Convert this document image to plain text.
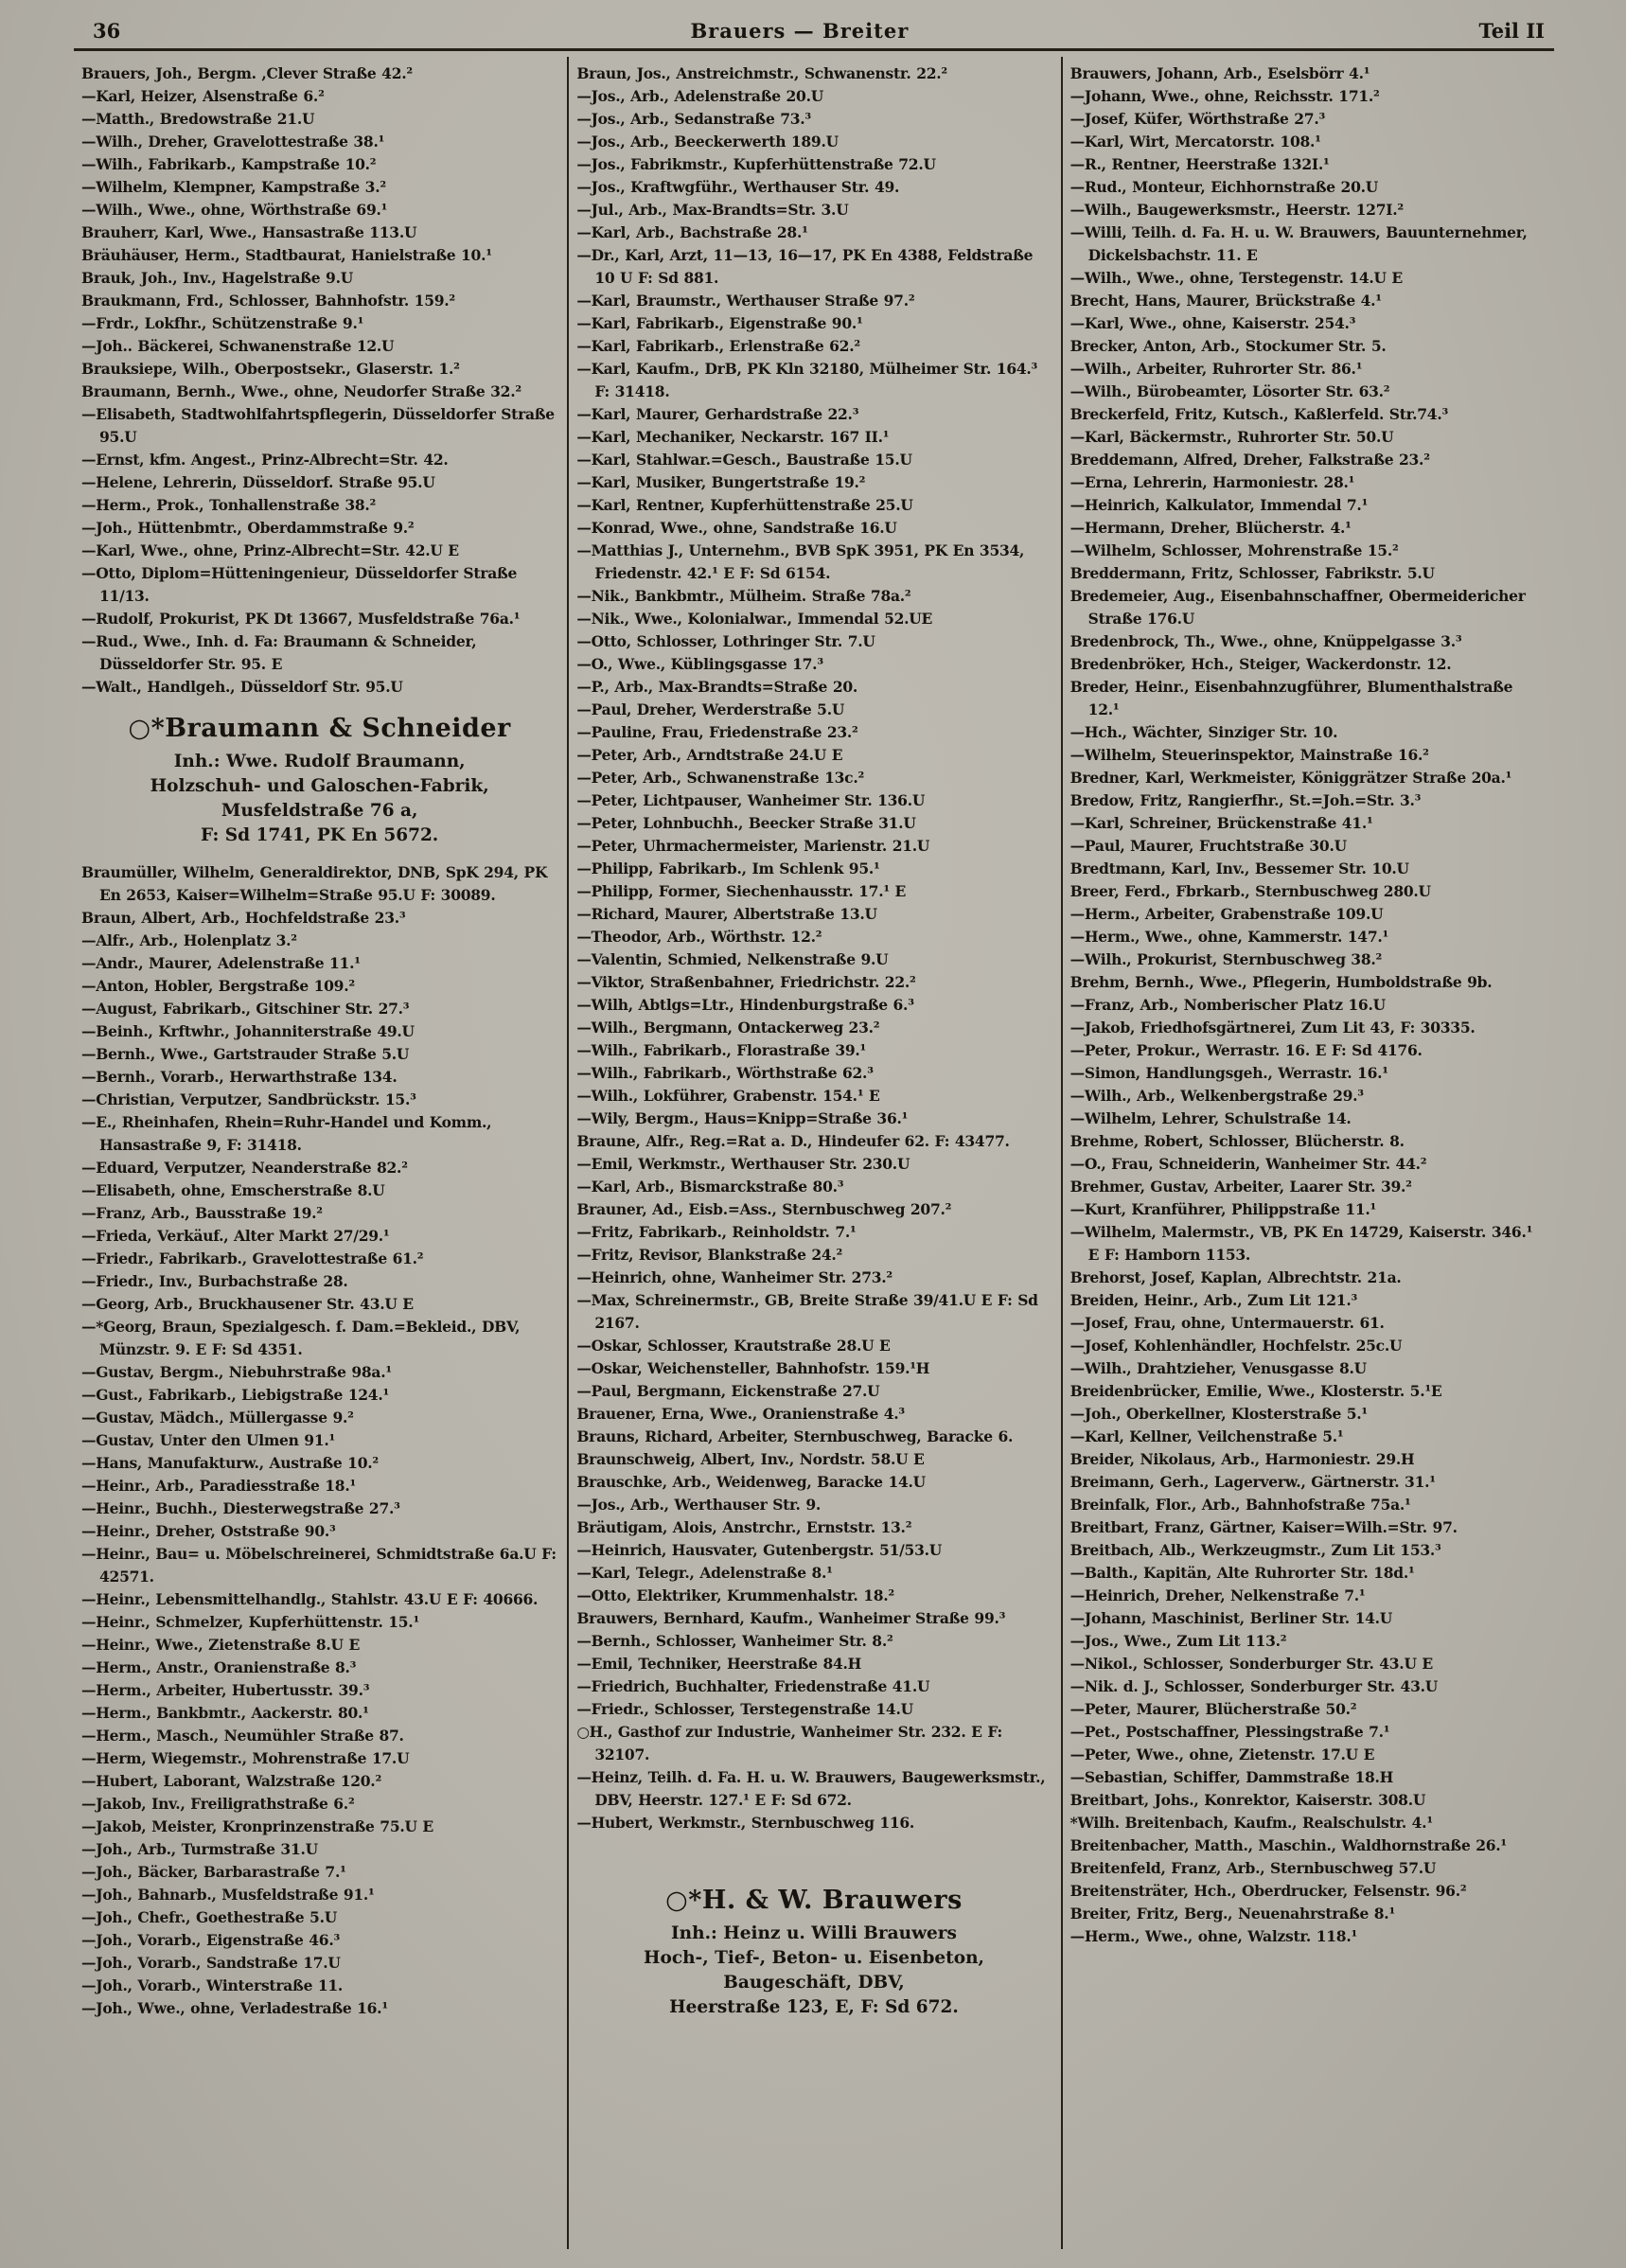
36	Brauers — Breiter	Teil II

Brauers, Joh., Bergm. ,Clever Straße 42.²

—Karl, Heizer, Alsenstraße 6.²

—Matth., Bredowstraße 21.U

—Wilh., Dreher, Gravelottestraße 38.¹

—Wilh., Fabrikarb., Kampstraße 10.²

—Wilhelm, Klempner, Kampstraße 3.²

—Wilh., Wwe., ohne, Wörthstraße 69.¹

Brauherr, Karl, Wwe., Hansastraße 113.U

Bräuhäuser, Herm., Stadtbaurat, Hanielstraße 10.¹

Brauk, Joh., Inv., Hagelstraße 9.U

Braukmann, Frd., Schlosser, Bahnhofstr. 159.²

—Frdr., Lokfhr., Schützenstraße 9.¹

—Joh.. Bäckerei, Schwanenstraße 12.U

Brauksiepe, Wilh., Oberpostsekr., Glaserstr. 1.²

Braumann, Bernh., Wwe., ohne, Neudorfer Straße 32.²

—Elisabeth, Stadtwohlfahrtspflegerin, Düsseldorfer Straße 95.U

—Ernst, kfm. Angest., Prinz-Albrecht=Str. 42.

—Helene, Lehrerin, Düsseldorf. Straße 95.U

—Herm., Prok., Tonhallenstraße 38.²

—Joh., Hüttenbmtr., Oberdammstraße 9.²

—Karl, Wwe., ohne, Prinz-Albrecht=Str. 42.U E

—Otto, Diplom=Hütteningenieur, Düsseldorfer Straße 11/13.

—Rudolf, Prokurist, PK Dt 13667, Musfeldstraße 76a.¹

—Rud., Wwe., Inh. d. Fa: Braumann & Schneider, Düsseldorfer Str. 95. E

—Walt., Handlgeh., Düsseldorf Str. 95.U

○*Braumann & Schneider

Inh.: Wwe. Rudolf Braumann,

Holzschuh- und Galoschen-Fabrik,

Musfeldstraße 76 a,

F: Sd 1741, PK En 5672.

Braumüller, Wilhelm, Generaldirektor, DNB, SpK 294, PK En 2653, Kaiser=Wilhelm=Straße 95.U F: 30089.

Braun, Albert, Arb., Hochfeldstraße 23.³

—Alfr., Arb., Holenplatz 3.²

—Andr., Maurer, Adelenstraße 11.¹

—Anton, Hobler, Bergstraße 109.²

—August, Fabrikarb., Gitschiner Str. 27.³

—Beinh., Krftwhr., Johanniterstraße 49.U

—Bernh., Wwe., Gartstrauder Straße 5.U

—Bernh., Vorarb., Herwarthstraße 134.

—Christian, Verputzer, Sandbrückstr. 15.³

—E., Rheinhafen, Rhein=Ruhr-Handel und Komm., Hansastraße 9, F: 31418.

—Eduard, Verputzer, Neanderstraße 82.²

—Elisabeth, ohne, Emscherstraße 8.U

—Franz, Arb., Bausstraße 19.²

—Frieda, Verkäuf., Alter Markt 27/29.¹

—Friedr., Fabrikarb., Gravelottestraße 61.²

—Friedr., Inv., Burbachstraße 28.

—Georg, Arb., Bruckhausener Str. 43.U E

—*Georg, Braun, Spezialgesch. f. Dam.=Bekleid., DBV, Münzstr. 9. E F: Sd 4351.

—Gustav, Bergm., Niebuhrstraße 98a.¹

—Gust., Fabrikarb., Liebigstraße 124.¹

—Gustav, Mädch., Müllergasse 9.²

—Gustav, Unter den Ulmen 91.¹

—Hans, Manufakturw., Austraße 10.²

—Heinr., Arb., Paradiesstraße 18.¹

—Heinr., Buchh., Diesterwegstraße 27.³

—Heinr., Dreher, Oststraße 90.³

—Heinr., Bau= u. Möbelschreinerei, Schmidtstraße 6a.U F: 42571.

—Heinr., Lebensmittelhandlg., Stahlstr. 43.U E F: 40666.

—Heinr., Schmelzer, Kupferhüttenstr. 15.¹

—Heinr., Wwe., Zietenstraße 8.U E

—Herm., Anstr., Oranienstraße 8.³

—Herm., Arbeiter, Hubertusstr. 39.³

—Herm., Bankbmtr., Aackerstr. 80.¹

—Herm., Masch., Neumühler Straße 87.

—Herm, Wiegemstr., Mohrenstraße 17.U

—Hubert, Laborant, Walzstraße 120.²

—Jakob, Inv., Freiligrathstraße 6.²

—Jakob, Meister, Kronprinzenstraße 75.U E

—Joh., Arb., Turmstraße 31.U

—Joh., Bäcker, Barbarastraße 7.¹

—Joh., Bahnarb., Musfeldstraße 91.¹

—Joh., Chefr., Goethestraße 5.U

—Joh., Vorarb., Eigenstraße 46.³

—Joh., Vorarb., Sandstraße 17.U

—Joh., Vorarb., Winterstraße 11.

—Joh., Wwe., ohne, Verladestraße 16.¹

Braun, Jos., Anstreichmstr., Schwanenstr. 22.²

—Jos., Arb., Adelenstraße 20.U

—Jos., Arb., Sedanstraße 73.³

—Jos., Arb., Beeckerwerth 189.U

—Jos., Fabrikmstr., Kupferhüttenstraße 72.U

—Jos., Kraftwgführ., Werthauser Str. 49.

—Jul., Arb., Max-Brandts=Str. 3.U

—Karl, Arb., Bachstraße 28.¹

—Dr., Karl, Arzt, 11—13, 16—17, PK En 4388, Feldstraße 10 U F: Sd 881.

—Karl, Braumstr., Werthauser Straße 97.²

—Karl, Fabrikarb., Eigenstraße 90.¹

—Karl, Fabrikarb., Erlenstraße 62.²

—Karl, Kaufm., DrB, PK Kln 32180, Mülheimer Str. 164.³ F: 31418.

—Karl, Maurer, Gerhardstraße 22.³

—Karl, Mechaniker, Neckarstr. 167 II.¹

—Karl, Stahlwar.=Gesch., Baustraße 15.U

—Karl, Musiker, Bungertstraße 19.²

—Karl, Rentner, Kupferhüttenstraße 25.U

—Konrad, Wwe., ohne, Sandstraße 16.U

—Matthias J., Unternehm., BVB SpK 3951, PK En 3534, Friedenstr. 42.¹ E F: Sd 6154.

—Nik., Bankbmtr., Mülheim. Straße 78a.²

—Nik., Wwe., Kolonialwar., Immendal 52.UE

—Otto, Schlosser, Lothringer Str. 7.U

—O., Wwe., Küblingsgasse 17.³

—P., Arb., Max-Brandts=Straße 20.

—Paul, Dreher, Werderstraße 5.U

—Pauline, Frau, Friedenstraße 23.²

—Peter, Arb., Arndtstraße 24.U E

—Peter, Arb., Schwanenstraße 13c.²

—Peter, Lichtpauser, Wanheimer Str. 136.U

—Peter, Lohnbuchh., Beecker Straße 31.U

—Peter, Uhrmachermeister, Marienstr. 21.U

—Philipp, Fabrikarb., Im Schlenk 95.¹

—Philipp, Former, Siechenhausstr. 17.¹ E

—Richard, Maurer, Albertstraße 13.U

—Theodor, Arb., Wörthstr. 12.²

—Valentin, Schmied, Nelkenstraße 9.U

—Viktor, Straßenbahner, Friedrichstr. 22.²

—Wilh, Abtlgs=Ltr., Hindenburgstraße 6.³

—Wilh., Bergmann, Ontackerweg 23.²

—Wilh., Fabrikarb., Florastraße 39.¹

—Wilh., Fabrikarb., Wörthstraße 62.³

—Wilh., Lokführer, Grabenstr. 154.¹ E

—Wily, Bergm., Haus=Knipp=Straße 36.¹

Braune, Alfr., Reg.=Rat a. D., Hindeufer 62. F: 43477.

—Emil, Werkmstr., Werthauser Str. 230.U

—Karl, Arb., Bismarckstraße 80.³

Brauner, Ad., Eisb.=Ass., Sternbuschweg 207.²

—Fritz, Fabrikarb., Reinholdstr. 7.¹

—Fritz, Revisor, Blankstraße 24.²

—Heinrich, ohne, Wanheimer Str. 273.²

—Max, Schreinermstr., GB, Breite Straße 39/41.U E F: Sd 2167.

—Oskar, Schlosser, Krautstraße 28.U E

—Oskar, Weichensteller, Bahnhofstr. 159.¹H

—Paul, Bergmann, Eickenstraße 27.U

Brauener, Erna, Wwe., Oranienstraße 4.³

Brauns, Richard, Arbeiter, Sternbuschweg, Baracke 6.

Braunschweig, Albert, Inv., Nordstr. 58.U E

Brauschke, Arb., Weidenweg, Baracke 14.U

—Jos., Arb., Werthauser Str. 9.

Bräutigam, Alois, Anstrchr., Ernststr. 13.²

—Heinrich, Hausvater, Gutenbergstr. 51/53.U

—Karl, Telegr., Adelenstraße 8.¹

—Otto, Elektriker, Krummenhalstr. 18.²

Brauwers, Bernhard, Kaufm., Wanheimer Straße 99.³

—Bernh., Schlosser, Wanheimer Str. 8.²

—Emil, Techniker, Heerstraße 84.H

—Friedrich, Buchhalter, Friedenstraße 41.U

—Friedr., Schlosser, Terstegenstraße 14.U

○H., Gasthof zur Industrie, Wanheimer Str. 232. E F: 32107.

—Heinz, Teilh. d. Fa. H. u. W. Brauwers, Baugewerksmstr., DBV, Heerstr. 127.¹ E F: Sd 672.

—Hubert, Werkmstr., Sternbuschweg 116.

○*H. & W. Brauwers

Inh.: Heinz u. Willi Brauwers

Hoch-, Tief-, Beton- u. Eisenbeton,

Baugeschäft, DBV,

Heerstraße 123, E, F: Sd 672.

Brauwers, Johann, Arb., Eselsbörr 4.¹

—Johann, Wwe., ohne, Reichsstr. 171.²

—Josef, Küfer, Wörthstraße 27.³

—Karl, Wirt, Mercatorstr. 108.¹

—R., Rentner, Heerstraße 132I.¹

—Rud., Monteur, Eichhornstraße 20.U

—Wilh., Baugewerksmstr., Heerstr. 127I.²

—Willi, Teilh. d. Fa. H. u. W. Brauwers, Bauunternehmer, Dickelsbachstr. 11. E

—Wilh., Wwe., ohne, Terstegenstr. 14.U E

Brecht, Hans, Maurer, Brückstraße 4.¹

—Karl, Wwe., ohne, Kaiserstr. 254.³

Brecker, Anton, Arb., Stockumer Str. 5.

—Wilh., Arbeiter, Ruhrorter Str. 86.¹

—Wilh., Bürobeamter, Lösorter Str. 63.²

Breckerfeld, Fritz, Kutsch., Kaßlerfeld. Str.74.³

—Karl, Bäckermstr., Ruhrorter Str. 50.U

Breddemann, Alfred, Dreher, Falkstraße 23.²

—Erna, Lehrerin, Harmoniestr. 28.¹

—Heinrich, Kalkulator, Immendal 7.¹

—Hermann, Dreher, Blücherstr. 4.¹

—Wilhelm, Schlosser, Mohrenstraße 15.²

Breddermann, Fritz, Schlosser, Fabrikstr. 5.U

Bredemeier, Aug., Eisenbahnschaffner, Obermeidericher Straße 176.U

Bredenbrock, Th., Wwe., ohne, Knüppelgasse 3.³

Bredenbröker, Hch., Steiger, Wackerdonstr. 12.

Breder, Heinr., Eisenbahnzugführer, Blumenthalstraße 12.¹

—Hch., Wächter, Sinziger Str. 10.

—Wilhelm, Steuerinspektor, Mainstraße 16.²

Bredner, Karl, Werkmeister, Königgrätzer Straße 20a.¹

Bredow, Fritz, Rangierfhr., St.=Joh.=Str. 3.³

—Karl, Schreiner, Brückenstraße 41.¹

—Paul, Maurer, Fruchtstraße 30.U

Bredtmann, Karl, Inv., Bessemer Str. 10.U

Breer, Ferd., Fbrkarb., Sternbuschweg 280.U

—Herm., Arbeiter, Grabenstraße 109.U

—Herm., Wwe., ohne, Kammerstr. 147.¹

—Wilh., Prokurist, Sternbuschweg 38.²

Brehm, Bernh., Wwe., Pflegerin, Humboldstraße 9b.

—Franz, Arb., Nomberischer Platz 16.U

—Jakob, Friedhofsgärtnerei, Zum Lit 43, F: 30335.

—Peter, Prokur., Werrastr. 16. E F: Sd 4176.

—Simon, Handlungsgeh., Werrastr. 16.¹

—Wilh., Arb., Welkenbergstraße 29.³

—Wilhelm, Lehrer, Schulstraße 14.

Brehme, Robert, Schlosser, Blücherstr. 8.

—O., Frau, Schneiderin, Wanheimer Str. 44.²

Brehmer, Gustav, Arbeiter, Laarer Str. 39.²

—Kurt, Kranführer, Philippstraße 11.¹

—Wilhelm, Malermstr., VB, PK En 14729, Kaiserstr. 346.¹ E F: Hamborn 1153.

Brehorst, Josef, Kaplan, Albrechtstr. 21a.

Breiden, Heinr., Arb., Zum Lit 121.³

—Josef, Frau, ohne, Untermauerstr. 61.

—Josef, Kohlenhändler, Hochfelstr. 25c.U

—Wilh., Drahtzieher, Venusgasse 8.U

Breidenbrücker, Emilie, Wwe., Klosterstr. 5.¹E

—Joh., Oberkellner, Klosterstraße 5.¹

—Karl, Kellner, Veilchenstraße 5.¹

Breider, Nikolaus, Arb., Harmoniestr. 29.H

Breimann, Gerh., Lagerverw., Gärtnerstr. 31.¹

Breinfalk, Flor., Arb., Bahnhofstraße 75a.¹

Breitbart, Franz, Gärtner, Kaiser=Wilh.=Str. 97.

Breitbach, Alb., Werkzeugmstr., Zum Lit 153.³

—Balth., Kapitän, Alte Ruhrorter Str. 18d.¹

—Heinrich, Dreher, Nelkenstraße 7.¹

—Johann, Maschinist, Berliner Str. 14.U

—Jos., Wwe., Zum Lit 113.²

—Nikol., Schlosser, Sonderburger Str. 43.U E

—Nik. d. J., Schlosser, Sonderburger Str. 43.U

—Peter, Maurer, Blücherstraße 50.²

—Pet., Postschaffner, Plessingstraße 7.¹

—Peter, Wwe., ohne, Zietenstr. 17.U E

—Sebastian, Schiffer, Dammstraße 18.H

Breitbart, Johs., Konrektor, Kaiserstr. 308.U

*Wilh. Breitenbach, Kaufm., Realschulstr. 4.¹

Breitenbacher, Matth., Maschin., Waldhornstraße 26.¹

Breitenfeld, Franz, Arb., Sternbuschweg 57.U

Breitensträter, Hch., Oberdrucker, Felsenstr. 96.²

Breiter, Fritz, Berg., Neuenahrstraße 8.¹

—Herm., Wwe., ohne, Walzstr. 118.¹
